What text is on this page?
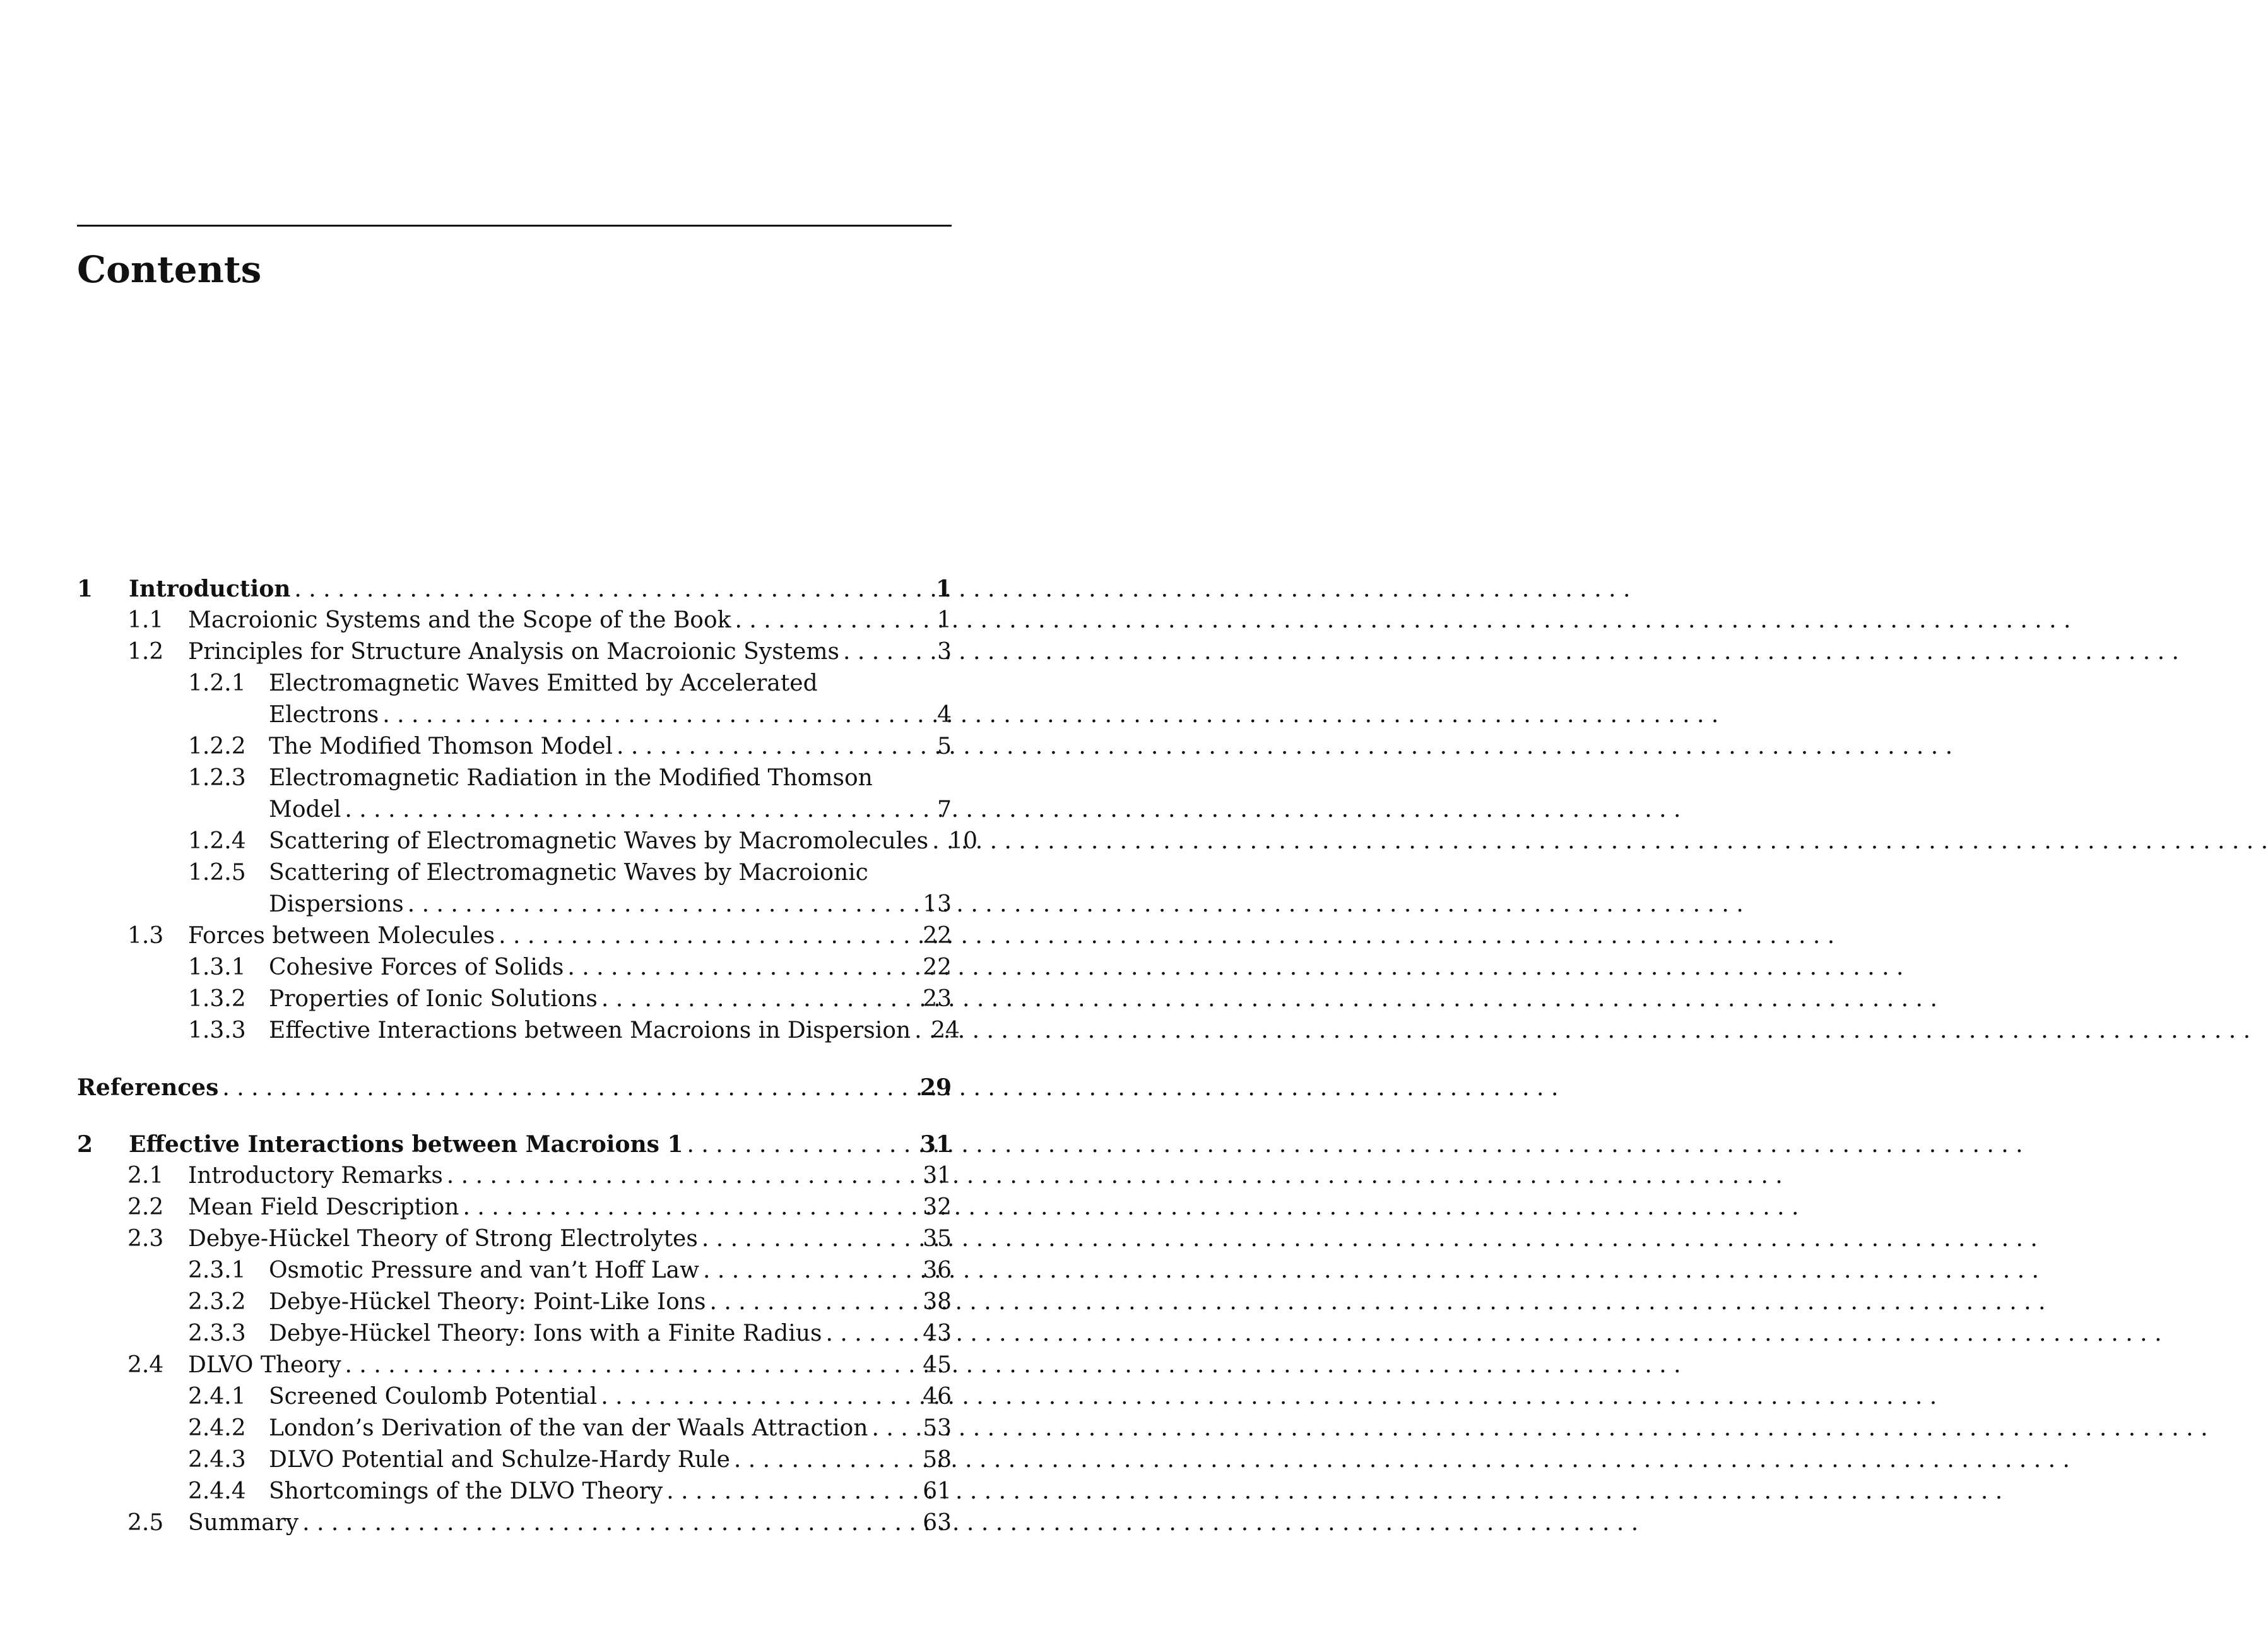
Contents
1 Introduction . . .	1
1.1 Macroionic Systems and the Scope of the Book . . .	1
1.2 Principles for Structure Analysis on Macroionic Systems . . .	3
1.2.1 Electromagnetic Waves Emitted by Accelerated
Electrons . . .	4
1.2.2 The Modified Thomson Model . . .	5
1.2.3 Electromagnetic Radiation in the Modified Thomson
Model . . .	7
1.2.4 Scattering of Electromagnetic Waves by Macromolecules . . . 10
1.2.5 Scattering of Electromagnetic Waves by Macroionic
Dispersions . . .	13
1.3 Forces between Molecules . . .	22
1.3.1 Cohesive Forces of Solids . . .	22
1.3.2 Properties of Ionic Solutions . . .	23
1.3.3 Effective Interactions between Macroions in Dispersion . . . 24
References . . .	29
2 Effective Interactions between Macroions 1 . . .	31
2.1 Introductory Remarks . . .	31
2.2 Mean Field Description . . .	32
2.3 Debye-Hückel Theory of Strong Electrolytes . . .	35
2.3.1 Osmotic Pressure and van’t Hoff Law . . .	36
2.3.2 Debye-Hückel Theory: Point-Like Ions . . .	38
2.3.3 Debye-Hückel Theory: Ions with a Finite Radius . . .	43
2.4 DLVO Theory . . .	45
2.4.1 Screened Coulomb Potential . . .	46
2.4.2 London’s Derivation of the van der Waals Attraction . . . 53
2.4.3 DLVO Potential and Schulze-Hardy Rule . . .	58
2.4.4 Shortcomings of the DLVO Theory . . .	61
2.5 Summary . . .	63
